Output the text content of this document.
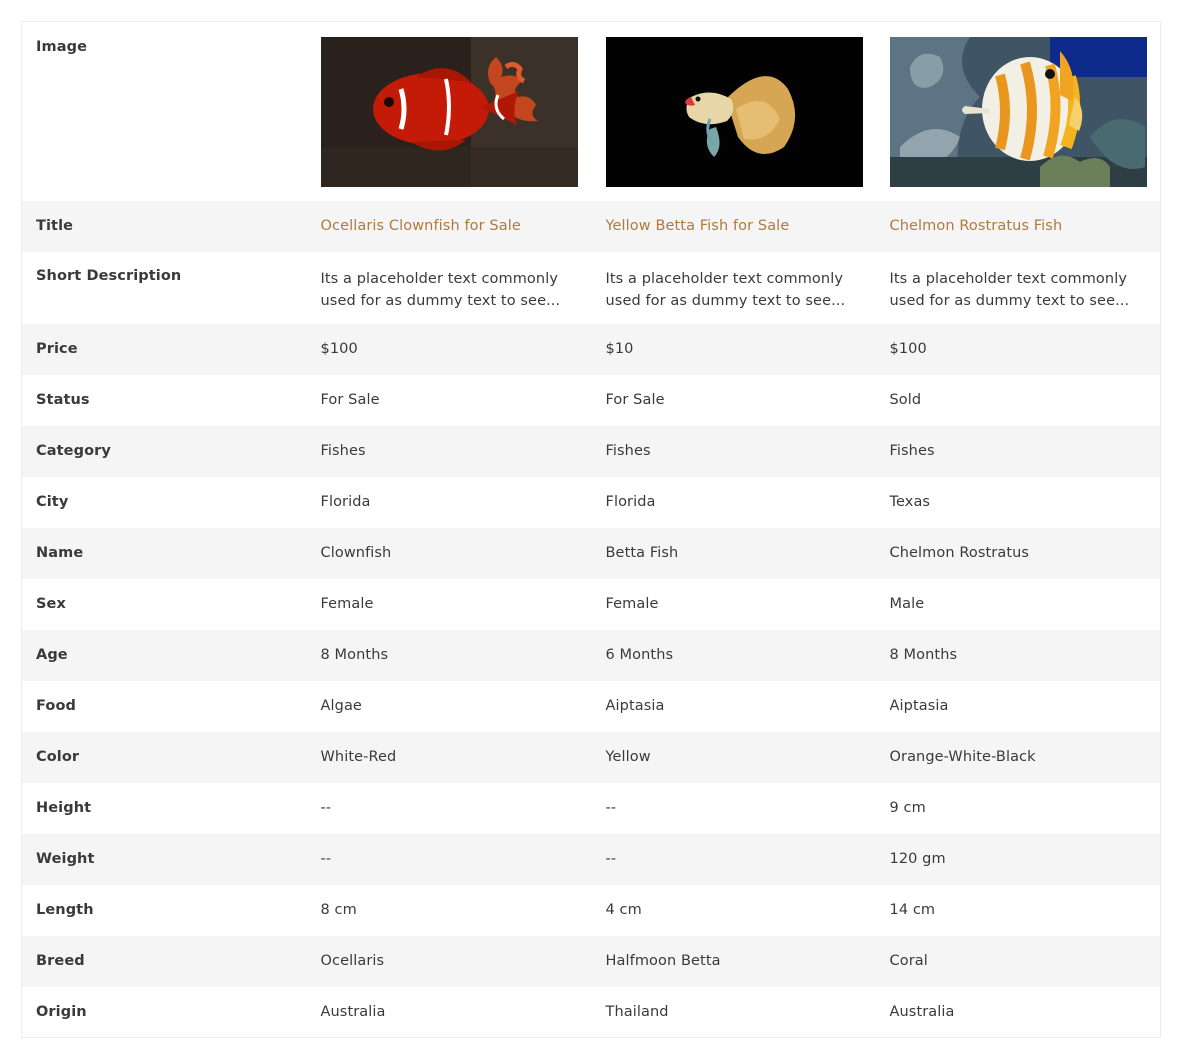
Image	

Title	Ocellaris Clownfish for Sale	Yellow Betta Fish for Sale	Chelmon Rostratus Fish
Short Description	Its a placeholder text commonly used for as dummy text to see...	Its a placeholder text commonly used for as dummy text to see...	Its a placeholder text commonly used for as dummy text to see...
Price	$100	$10	$100
Status	For Sale	For Sale	Sold
Category	Fishes	Fishes	Fishes
City	Florida	Florida	Texas
Name	Clownfish	Betta Fish	Chelmon Rostratus
Sex	Female	Female	Male
Age	8 Months	6 Months	8 Months
Food	Algae	Aiptasia	Aiptasia
Color	White-Red	Yellow	Orange-White-Black
Height	--	--	9 cm
Weight	--	--	120 gm
Length	8 cm	4 cm	14 cm
Breed	Ocellaris	Halfmoon Betta	Coral
Origin	Australia	Thailand	Australia
